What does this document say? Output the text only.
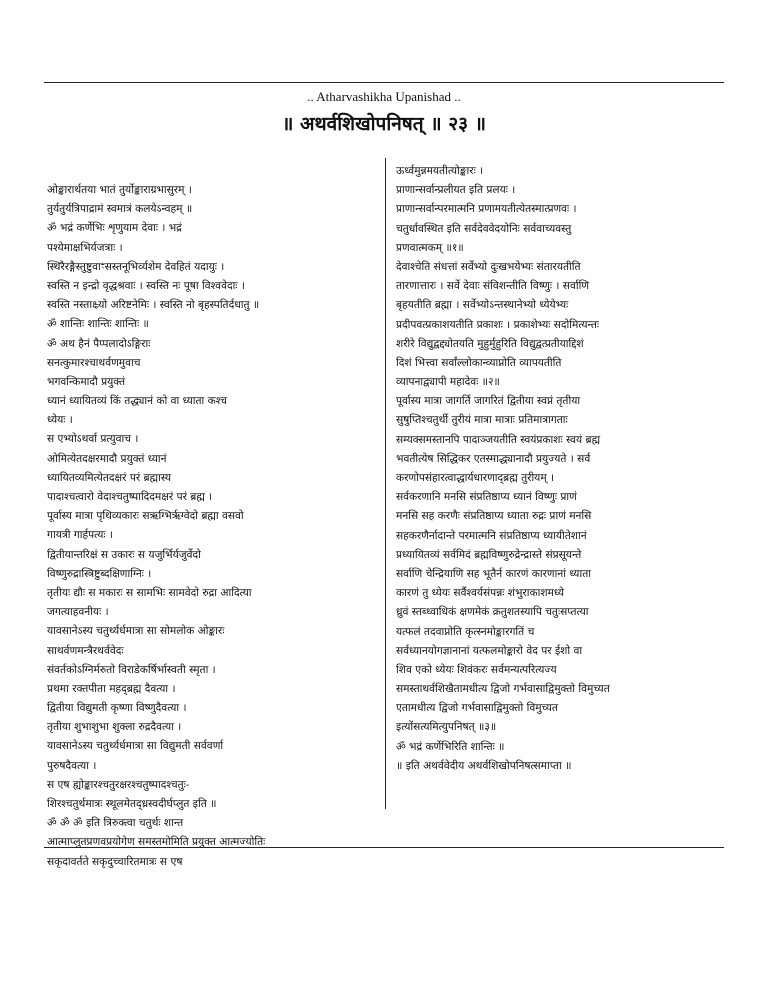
.. Atharvashikha Upanishad ..
॥ अथर्वशिखोपनिषत् ॥ २३ ॥
ओङ्कारार्थतया भातं तुर्योङ्काराग्रभासुरम् ।
तुर्यतुर्यत्रिपाद्रामं स्वमात्रं कलयेऽन्वहम् ॥
ॐ भद्रं कर्णेभिः शृणुयाम देवाः । भद्रं
पश्येमाक्षभिर्यजत्राः ।
स्थिरैरङ्गैस्तुष्टुवाꣳसस्तनूभिर्व्यशेम देवहितं यदायुः ।
स्वस्ति न इन्द्रो वृद्धश्रवाः । स्वस्ति नः पूषा विश्ववेदाः ।
स्वस्ति नस्ताक्ष्र्यो अरिष्टनेमिः । स्वस्ति नो बृहस्पतिर्दधातु ॥
ॐ शान्तिः शान्तिः शान्तिः ॥
ॐ अथ हैनं पैप्पलादोऽङ्गिराः
सनत्कुमारश्चाथर्वणमुवाच
भगवन्किमादौ प्रयुक्तं
ध्यानं ध्यायितव्यं किं तद्ध्यानं को वा ध्याता कश्च
ध्येयः ।
स एभ्योऽथर्वा प्रत्युवाच ।
ओमित्येतदक्षरमादौ प्रयुक्तं ध्यानं
ध्यायितव्यमित्येतदक्षरं परं ब्रह्मास्य
पादाश्चत्वारो वेदाश्चतुष्पादिदमक्षरं परं ब्रह्म ।
पूर्वास्य मात्रा पृथिव्यकारः सऋग्भिरृग्वेदो ब्रह्मा वसवो
गायत्री गार्हपत्यः ।
द्वितीयान्तरिक्षं स उकारः स यजुर्भिर्यजुर्वेदो
विष्णुरुद्रास्त्रिष्टुब्दक्षिणाग्निः ।
तृतीयः द्यौः स मकारः स सामभिः सामवेदो रुद्रा आदित्या
जगत्याहवनीयः ।
यावसानेऽस्य चतुर्थ्यर्धमात्रा सा सोमलोक ओङ्कारः
साथर्वणमन्त्रैरथर्ववेदः
संवर्तकोऽग्निर्मरुतो विराडेकर्षिर्भास्वती स्मृता ।
प्रथमा रक्तपीता महद्ब्रह्म दैवत्या ।
द्वितीया विद्युमती कृष्णा विष्णुदैवत्या ।
तृतीया शुभाशुभा शुक्ला रुद्रदैवत्या ।
यावसानेऽस्य चतुर्थ्यर्धमात्रा सा विद्युमती सर्ववर्णा
पुरुषदैवत्या ।
स एष ह्योङ्कारश्चतुरक्षरश्चतुष्पादश्चतुः-
शिरश्चतुर्थमात्रः स्थूलमेतद्ध्रस्वदीर्घप्लुत इति ॥
ॐ ॐ ॐ इति त्रिरुक्त्वा चतुर्थः शान्त
आत्माप्लुतप्रणवप्रयोगेण समस्तमोमिति प्रयुक्त आत्मज्योतिः
सकृदावर्तते सकृदुच्चारितमात्रः स एष
ऊर्ध्वमुन्नमयतीत्योङ्कारः ।
प्राणान्सर्वान्प्रलीयत इति प्रलयः ।
प्राणान्सर्वान्परमात्मनि प्रणामयतीत्येतस्मात्प्रणवः ।
चतुर्धावस्थित इति सर्वदेववेदयोनिः सर्ववाच्यवस्तु
प्रणवात्मकम् ॥१॥
देवाश्चेति संधत्तां सर्वेभ्यो दुःखभयेभ्यः संतारयतीति
तारणात्तारः । सर्वे देवाः संविशन्तीति विष्णुः । सर्वाणि
बृहयतीति ब्रह्मा । सर्वेभ्योऽन्तस्थानेभ्यो ध्येयेभ्यः
प्रदीपवत्प्रकाशयतीति प्रकाशः । प्रकाशेभ्यः सदोमित्यन्तः
शरीरे विद्युद्वद्द्योतयति मुहुर्मुहुरिति विद्युद्वत्प्रतीयाद्दिशं
दिशं भित्त्वा सर्वांल्लोकान्व्याप्नोति व्यापयतीति
व्यापनाद्व्यापी महादेवः ॥२॥
पूर्वास्य मात्रा जागर्ति जागरितं द्वितीया स्वप्नं तृतीया
सुषुप्तिश्चतुर्थी तुरीयं मात्रा मात्राः प्रतिमात्रागताः
सम्यक्समस्तानपि पादाञ्जयतीति स्वयंप्रकाशः स्वयं ब्रह्म
भवतीत्येष सिद्धिकर एतस्माद्ध्यानादौ प्रयुज्यते । सर्व
करणोपसंहारत्वाद्धार्यधारणाद्ब्रह्म तुरीयम् ।
सर्वकरणानि मनसि संप्रतिष्ठाप्य ध्यानं विष्णुः प्राणं
मनसि सह करणैः संप्रतिष्ठाप्य ध्याता रुद्रः प्राणं मनसि
सहकरणैर्नादान्ते परमात्मनि संप्रतिष्ठाप्य ध्यायीतेशानं
प्रध्यायितव्यं सर्वमिदं ब्रह्मविष्णुरुद्रेन्द्रास्ते संप्रसूयन्ते
सर्वाणि चेन्द्रियाणि सह भूतैर्न कारणं कारणानां ध्याता
कारणं तु ध्येयः सर्वैश्वर्यसंपन्नः शंभुराकाशमध्ये
ध्रुवं स्तब्ध्वाधिकं क्षणमेकं क्रतुशतस्यापि चतुःसप्तत्या
यत्फलं तदवाप्नोति कृत्स्नमोङ्कारगतिं च
सर्वध्यानयोगज्ञानानां यत्फलमोङ्कारो वेद पर ईशो वा
शिव एको ध्येयः शिवंकरः सर्वमन्यत्परित्यज्य
समस्ताथर्वशिखैतामधीत्य द्विजो गर्भवासाद्विमुक्तो विमुच्यत
एतामधीत्य द्विजो गर्भवासाद्विमुक्तो विमुच्यत
इत्योंसत्यमित्युपनिषत् ॥३॥
ॐ भद्रं कर्णेभिरिति शान्तिः ॥
॥ इति अथर्ववेदीय अथर्वशिखोपनिषत्समाप्ता ॥
